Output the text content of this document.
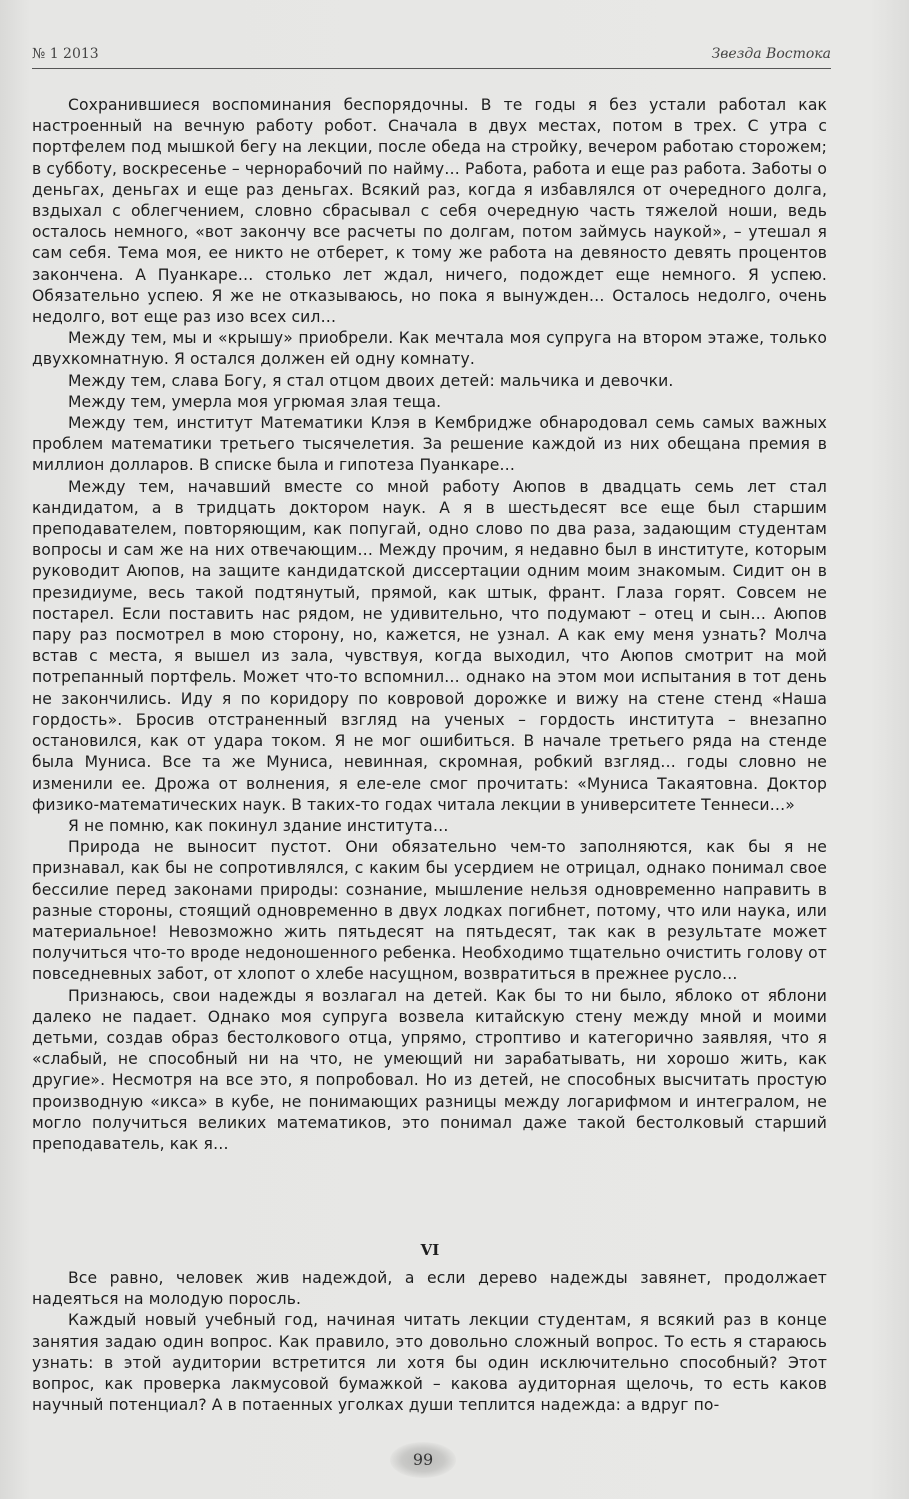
№ 1 2013	Звезда Востока

Сохранившиеся воспоминания беспорядочны. В те годы я без устали работал как настроенный на вечную работу робот. Сначала в двух местах, потом в трех. С утра с портфелем под мышкой бегу на лекции, после обеда на стройку, вечером работаю сторожем; в субботу, воскресенье – чернорабочий по найму… Работа, работа и еще раз работа. Заботы о деньгах, деньгах и еще раз деньгах. Всякий раз, когда я избавлялся от очередного долга, вздыхал с облегчением, словно сбрасывал с себя очередную часть тяжелой ноши, ведь осталось немного, «вот закончу все расчеты по долгам, потом займусь наукой», – утешал я сам себя. Тема моя, ее никто не отберет, к тому же работа на девяносто девять процентов закончена. А Пуанкаре… столько лет ждал, ничего, подождет еще немного. Я успею. Обязательно успею. Я же не отказываюсь, но пока я вынужден… Осталось недолго, очень недолго, вот еще раз изо всех сил…

Между тем, мы и «крышу» приобрели. Как мечтала моя супруга на втором этаже, только двухкомнатную. Я остался должен ей одну комнату.

Между тем, слава Богу, я стал отцом двоих детей: мальчика и девочки.

Между тем, умерла моя угрюмая злая теща.

Между тем, институт Математики Клэя в Кембридже обнародовал семь самых важных проблем математики третьего тысячелетия. За решение каждой из них обещана премия в миллион долларов. В списке была и гипотеза Пуанкаре…

Между тем, начавший вместе со мной работу Аюпов в двадцать семь лет стал кандидатом, а в тридцать доктором наук. А я в шестьдесят все еще был старшим преподавателем, повторяющим, как попугай, одно слово по два раза, задающим студентам вопросы и сам же на них отвечающим… Между прочим, я недавно был в институте, которым руководит Аюпов, на защите кандидатской диссертации одним моим знакомым. Сидит он в президиуме, весь такой подтянутый, прямой, как штык, франт. Глаза горят. Совсем не постарел. Если поставить нас рядом, не удивительно, что подумают – отец и сын… Аюпов пару раз посмотрел в мою сторону, но, кажется, не узнал. А как ему меня узнать? Молча встав с места, я вышел из зала, чувствуя, когда выходил, что Аюпов смотрит на мой потрепанный портфель. Может что-то вспомнил… однако на этом мои испытания в тот день не закончились. Иду я по коридору по ковровой дорожке и вижу на стене стенд «Наша гордость». Бросив отстраненный взгляд на ученых – гордость института – внезапно остановился, как от удара током. Я не мог ошибиться. В начале третьего ряда на стенде была Муниса. Все та же Муниса, невинная, скромная, робкий взгляд… годы словно не изменили ее. Дрожа от волнения, я еле-еле смог прочитать: «Муниса Такаятовна. Доктор физико-математических наук. В таких-то годах читала лекции в университете Теннеси…»

Я не помню, как покинул здание института…

Природа не выносит пустот. Они обязательно чем-то заполняются, как бы я не признавал, как бы не сопротивлялся, с каким бы усердием не отрицал, однако понимал свое бессилие перед законами природы: сознание, мышление нельзя одновременно направить в разные стороны, стоящий одновременно в двух лодках погибнет, потому, что или наука, или материальное! Невозможно жить пятьдесят на пятьдесят, так как в результате может получиться что-то вроде недоношенного ребенка. Необходимо тщательно очистить голову от повседневных забот, от хлопот о хлебе насущном, возвратиться в прежнее русло…

Признаюсь, свои надежды я возлагал на детей. Как бы то ни было, яблоко от яблони далеко не падает. Однако моя супруга возвела китайскую стену между мной и моими детьми, создав образ бестолкового отца, упрямо, строптиво и категорично заявляя, что я «слабый, не способный ни на что, не умеющий ни зарабатывать, ни хорошо жить, как другие». Несмотря на все это, я попробовал. Но из детей, не способных высчитать простую производную «икса» в кубе, не понимающих разницы между логарифмом и интегралом, не могло получиться великих математиков, это понимал даже такой бестолковый старший преподаватель, как я…

VI

Все равно, человек жив надеждой, а если дерево надежды завянет, продолжает надеяться на молодую поросль.

Каждый новый учебный год, начиная читать лекции студентам, я всякий раз в конце занятия задаю один вопрос. Как правило, это довольно сложный вопрос. То есть я стараюсь узнать: в этой аудитории встретится ли хотя бы один исключительно способный? Этот вопрос, как проверка лакмусовой бумажкой – какова аудиторная щелочь, то есть каков научный потенциал? А в потаенных уголках души теплится надежда: а вдруг по-

99
